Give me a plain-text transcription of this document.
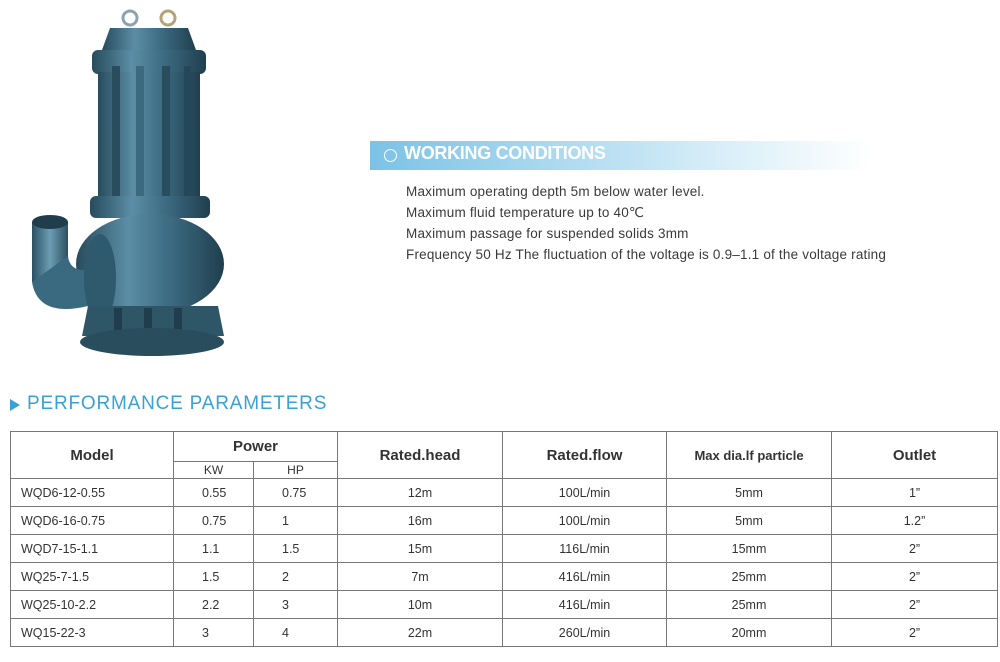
WORKING CONDITIONS
Maximum operating depth 5m below water level.
Maximum fluid temperature up to 40℃
Maximum passage for suspended solids 3mm
Frequency 50 Hz The fluctuation of the voltage is 0.9–1.1 of the voltage rating
PERFORMANCE PARAMETERS
Model	Power		Rated.head	Rated.flow	Max dia.lf particle	Outlet
	KW	HP				
WQD6-12-0.55	0.55	0.75	12m	100L/min	5mm	1”
WQD6-16-0.75	0.75	1	16m	100L/min	5mm	1.2”
WQD7-15-1.1	1.1	1.5	15m	116L/min	15mm	2”
WQ25-7-1.5	1.5	2	7m	416L/min	25mm	2”
WQ25-10-2.2	2.2	3	10m	416L/min	25mm	2”
WQ15-22-3	3	4	22m	260L/min	20mm	2”
